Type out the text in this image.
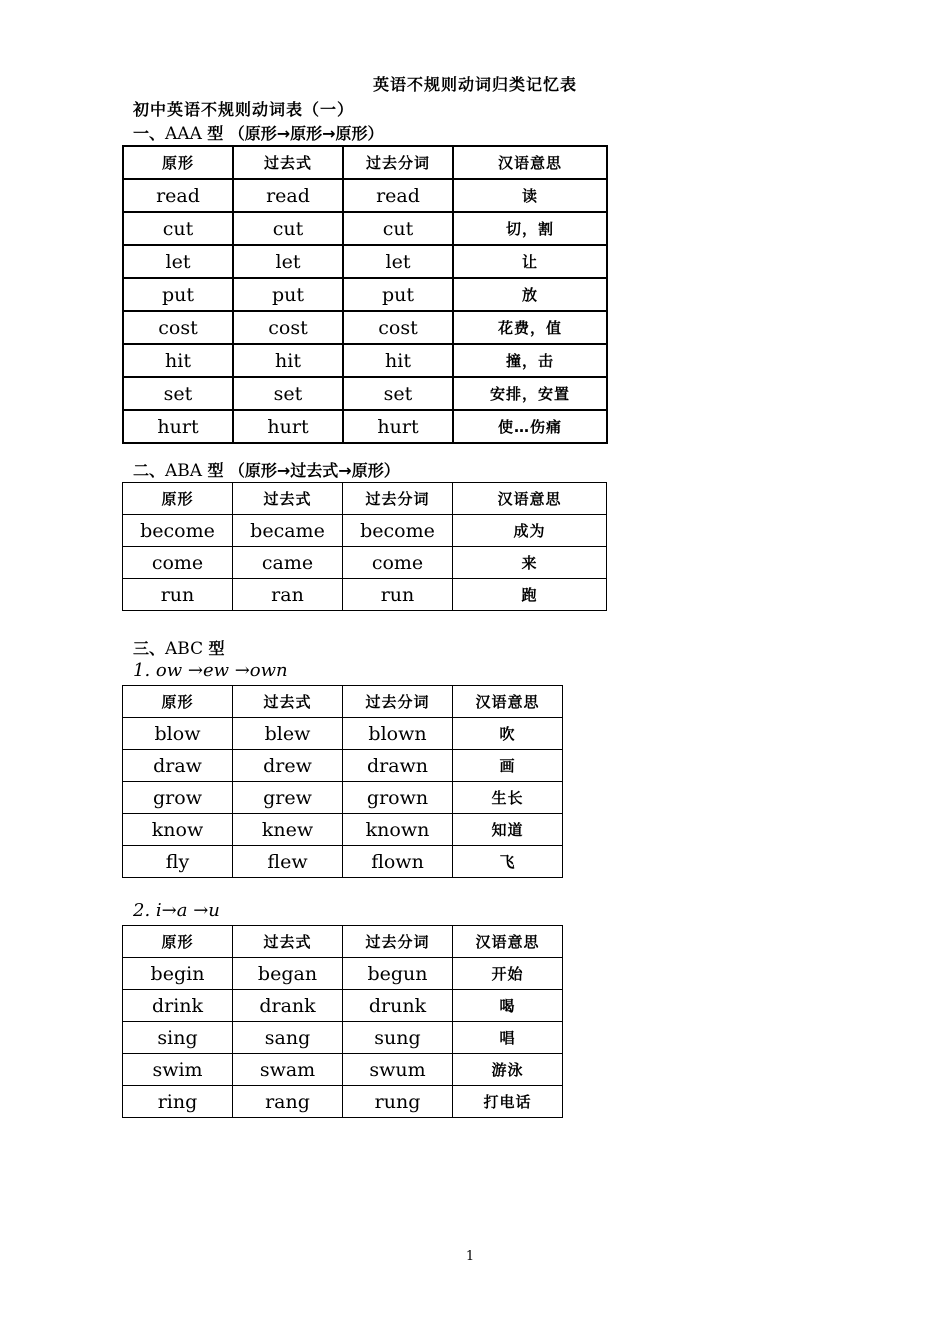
英语不规则动词归类记忆表
初中英语不规则动词表（一）
一、AAA 型 （原形→原形→原形）
原形	过去式	过去分词	汉语意思
read	read	read	读
cut	cut	cut	切，割
let	let	let	让
put	put	put	放
cost	cost	cost	花费，值
hit	hit	hit	撞，击
set	set	set	安排，安置
hurt	hurt	hurt	使…伤痛
二、ABA 型 （原形→过去式→原形）
原形	过去式	过去分词	汉语意思
become	became	become	成为
come	came	come	来
run	ran	run	跑
三、ABC 型
1. ow →ew →own
原形	过去式	过去分词	汉语意思
blow	blew	blown	吹
draw	drew	drawn	画
grow	grew	grown	生长
know	knew	known	知道
fly	flew	flown	飞
2. i→a →u
原形	过去式	过去分词	汉语意思
begin	began	begun	开始
drink	drank	drunk	喝
sing	sang	sung	唱
swim	swam	swum	游泳
ring	rang	rung	打电话
1
